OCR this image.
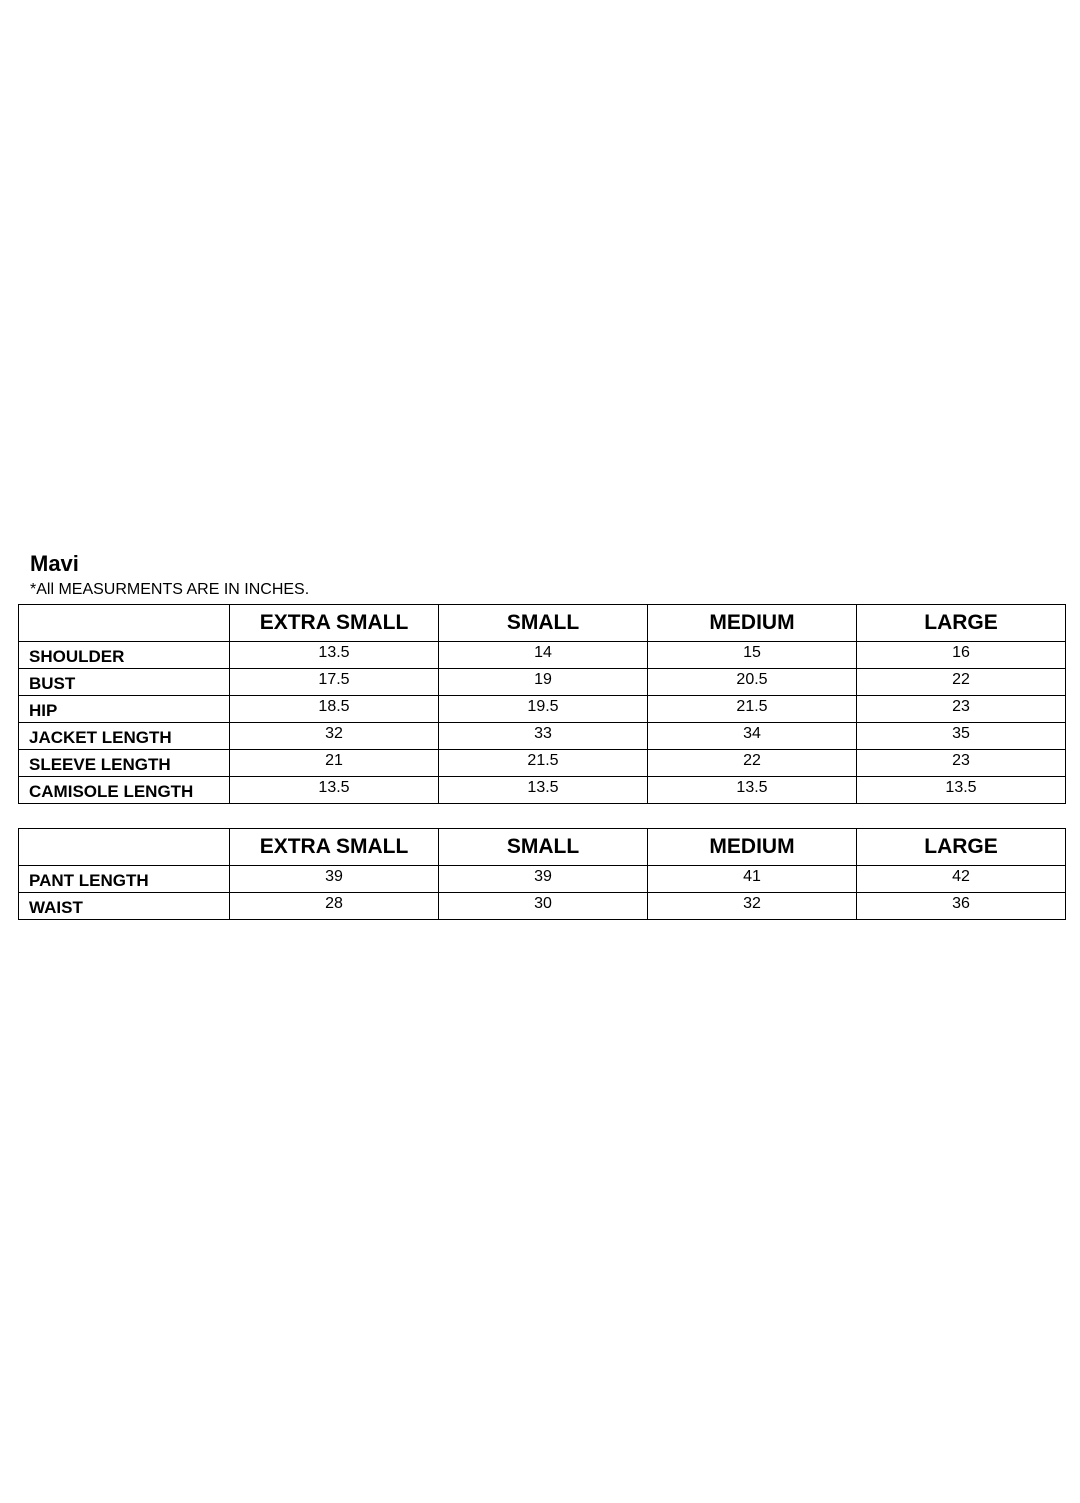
Mavi
*All MEASURMENTS ARE IN INCHES.
	EXTRA SMALL	SMALL	MEDIUM	LARGE
SHOULDER	13.5	14	15	16
BUST	17.5	19	20.5	22
HIP	18.5	19.5	21.5	23
JACKET LENGTH	32	33	34	35
SLEEVE LENGTH	21	21.5	22	23
CAMISOLE LENGTH	13.5	13.5	13.5	13.5
	EXTRA SMALL	SMALL	MEDIUM	LARGE
PANT LENGTH	39	39	41	42
WAIST	28	30	32	36
